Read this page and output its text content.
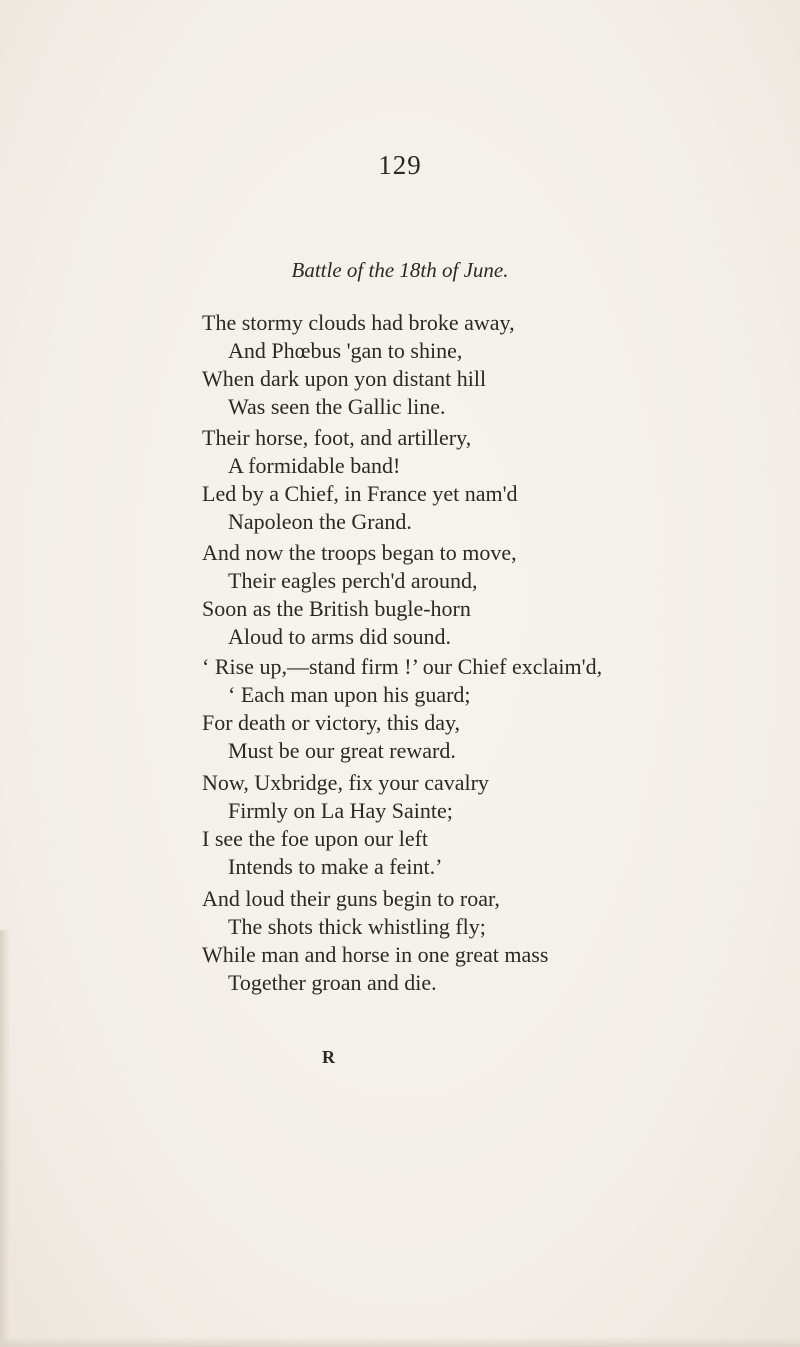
129
Battle of the 18th of June.
The stormy clouds had broke away,
And Phœbus 'gan to shine,
When dark upon yon distant hill
Was seen the Gallic line.
Their horse, foot, and artillery,
A formidable band!
Led by a Chief, in France yet nam'd
Napoleon the Grand.
And now the troops began to move,
Their eagles perch'd around,
Soon as the British bugle-horn
Aloud to arms did sound.
‘ Rise up,—stand firm !’ our Chief exclaim'd,
‘ Each man upon his guard;
For death or victory, this day,
Must be our great reward.
Now, Uxbridge, fix your cavalry
Firmly on La Hay Sainte;
I see the foe upon our left
Intends to make a feint.’
And loud their guns begin to roar,
The shots thick whistling fly;
While man and horse in one great mass
Together groan and die.
R
